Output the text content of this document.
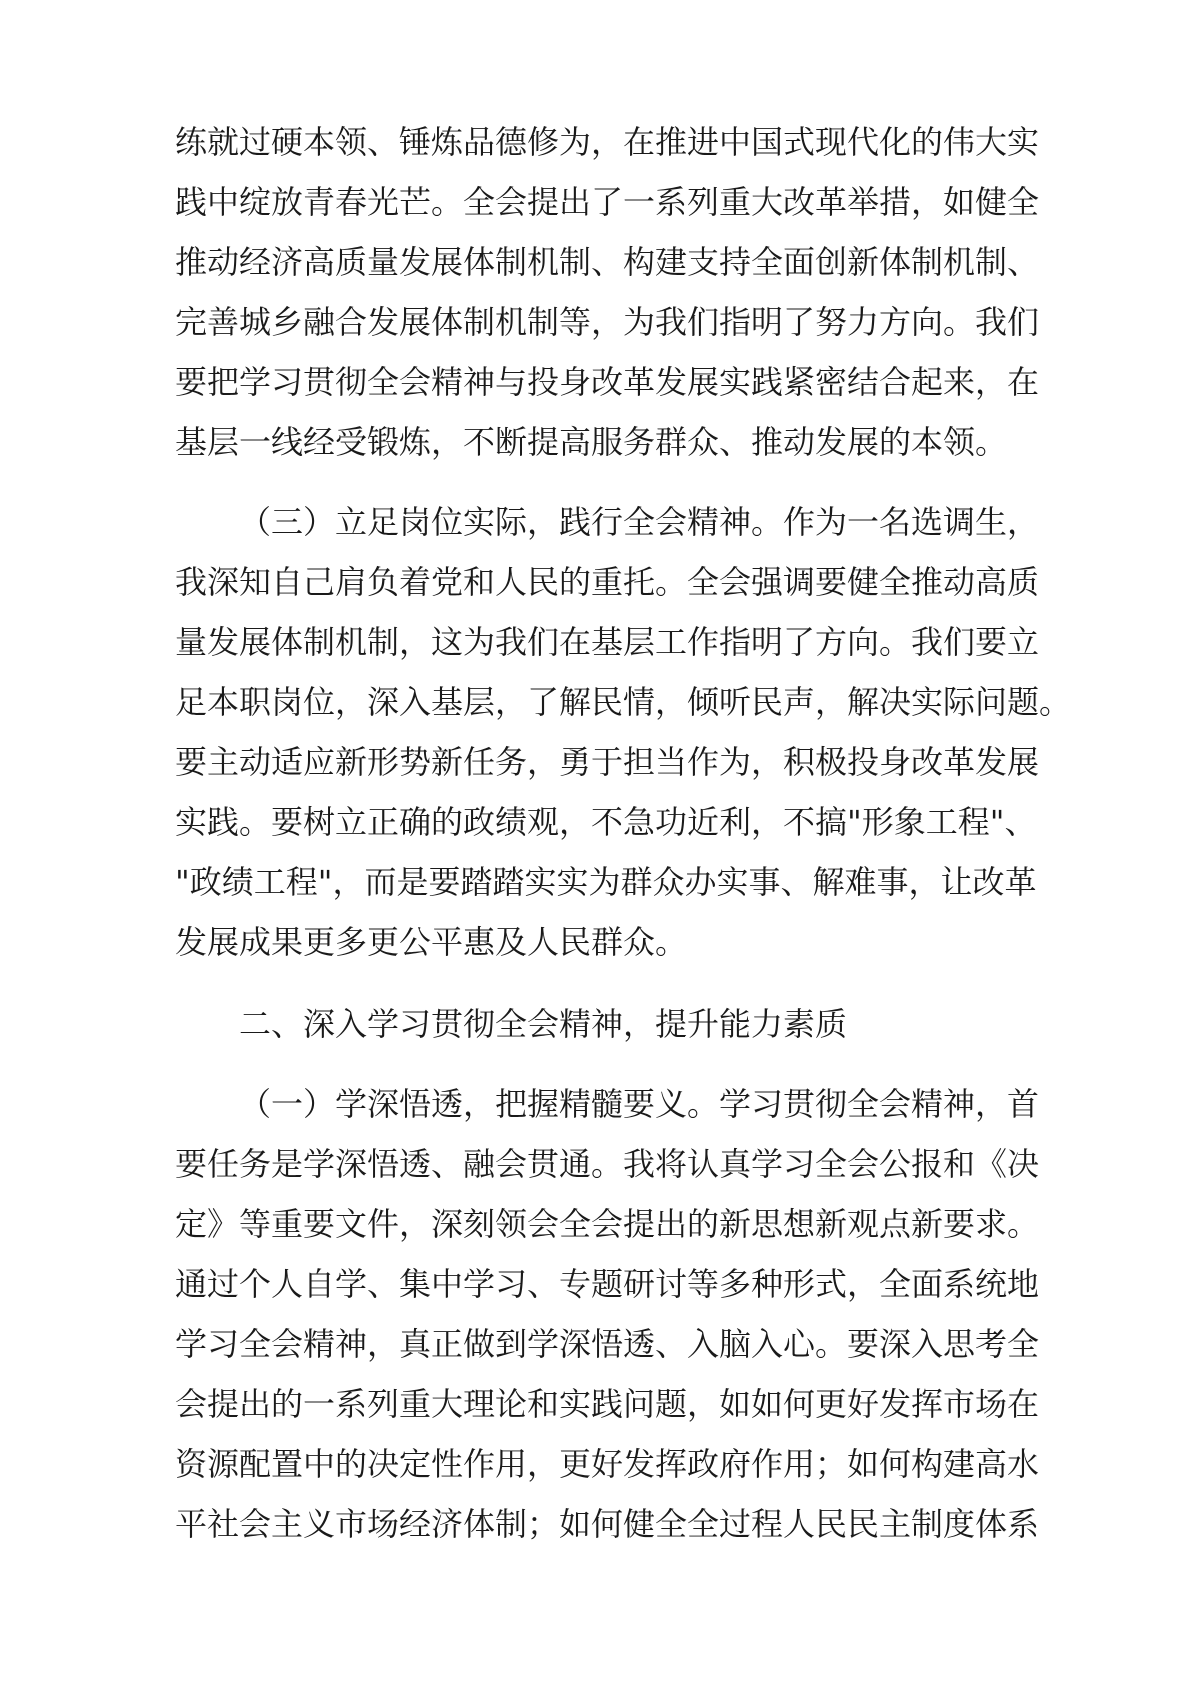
练就过硬本领、锤炼品德修为，在推进中国式现代化的伟大实
践中绽放青春光芒。全会提出了一系列重大改革举措，如健全
推动经济高质量发展体制机制、构建支持全面创新体制机制、
完善城乡融合发展体制机制等，为我们指明了努力方向。我们
要把学习贯彻全会精神与投身改革发展实践紧密结合起来，在
基层一线经受锻炼，不断提高服务群众、推动发展的本领。
（三）立足岗位实际，践行全会精神。作为一名选调生，
我深知自己肩负着党和人民的重托。全会强调要健全推动高质
量发展体制机制，这为我们在基层工作指明了方向。我们要立
足本职岗位，深入基层，了解民情，倾听民声，解决实际问题。
要主动适应新形势新任务，勇于担当作为，积极投身改革发展
实践。要树立正确的政绩观，不急功近利，不搞"形象工程"、
"政绩工程"，而是要踏踏实实为群众办实事、解难事，让改革
发展成果更多更公平惠及人民群众。
二、深入学习贯彻全会精神，提升能力素质
（一）学深悟透，把握精髓要义。学习贯彻全会精神，首
要任务是学深悟透、融会贯通。我将认真学习全会公报和《决
定》等重要文件，深刻领会全会提出的新思想新观点新要求。
通过个人自学、集中学习、专题研讨等多种形式，全面系统地
学习全会精神，真正做到学深悟透、入脑入心。要深入思考全
会提出的一系列重大理论和实践问题，如如何更好发挥市场在
资源配置中的决定性作用，更好发挥政府作用；如何构建高水
平社会主义市场经济体制；如何健全全过程人民民主制度体系
